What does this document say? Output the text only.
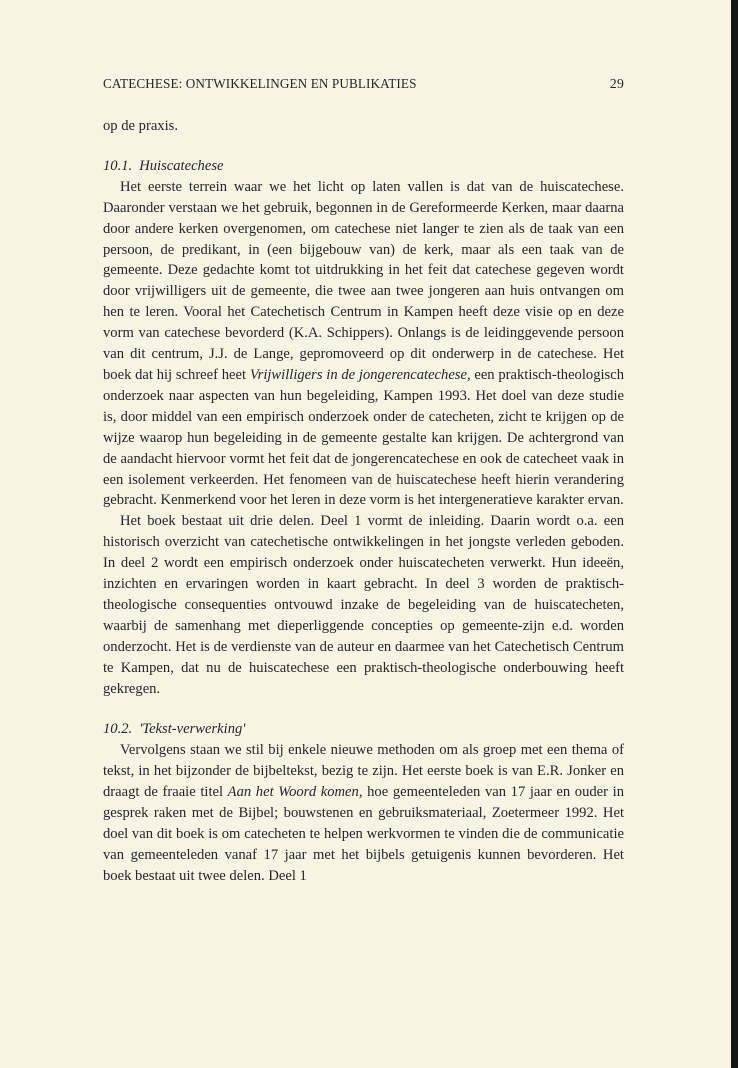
CATECHESE: ONTWIKKELINGEN EN PUBLIKATIES	29

op de praxis.

10.1. Huiscatechese

Het eerste terrein waar we het licht op laten vallen is dat van de huiscatechese. Daaronder verstaan we het gebruik, begonnen in de Gereformeerde Kerken, maar daarna door andere kerken overgenomen, om catechese niet langer te zien als de taak van een persoon, de predikant, in (een bijgebouw van) de kerk, maar als een taak van de gemeente. Deze gedachte komt tot uitdrukking in het feit dat catechese gegeven wordt door vrijwilligers uit de gemeente, die twee aan twee jongeren aan huis ontvangen om hen te leren. Vooral het Catechetisch Centrum in Kampen heeft deze visie op en deze vorm van catechese bevorderd (K.A. Schippers). Onlangs is de leidinggevende persoon van dit centrum, J.J. de Lange, gepromoveerd op dit onderwerp in de catechese. Het boek dat hij schreef heet Vrijwilligers in de jongerencatechese, een praktisch-theologisch onderzoek naar aspecten van hun begeleiding, Kampen 1993. Het doel van deze studie is, door middel van een empirisch onderzoek onder de catecheten, zicht te krijgen op de wijze waarop hun begeleiding in de gemeente gestalte kan krijgen. De achtergrond van de aandacht hiervoor vormt het feit dat de jongerencatechese en ook de catecheet vaak in een isolement verkeerden. Het fenomeen van de huiscatechese heeft hierin verandering gebracht. Kenmerkend voor het leren in deze vorm is het intergeneratieve karakter ervan.

Het boek bestaat uit drie delen. Deel 1 vormt de inleiding. Daarin wordt o.a. een historisch overzicht van catechetische ontwikkelingen in het jongste verleden geboden. In deel 2 wordt een empirisch onderzoek onder huiscatecheten verwerkt. Hun ideeën, inzichten en ervaringen worden in kaart gebracht. In deel 3 worden de praktisch-theologische consequenties ontvouwd inzake de begeleiding van de huiscatecheten, waarbij de samenhang met dieperliggende concepties op gemeente-zijn e.d. worden onderzocht. Het is de verdienste van de auteur en daarmee van het Catechetisch Centrum te Kampen, dat nu de huiscatechese een praktisch-theologische onderbouwing heeft gekregen.

10.2. 'Tekst-verwerking'

Vervolgens staan we stil bij enkele nieuwe methoden om als groep met een thema of tekst, in het bijzonder de bijbeltekst, bezig te zijn. Het eerste boek is van E.R. Jonker en draagt de fraaie titel Aan het Woord komen, hoe gemeenteleden van 17 jaar en ouder in gesprek raken met de Bijbel; bouwstenen en gebruiksmateriaal, Zoetermeer 1992. Het doel van dit boek is om catecheten te helpen werkvormen te vinden die de communicatie van gemeenteleden vanaf 17 jaar met het bijbels getuigenis kunnen bevorderen. Het boek bestaat uit twee delen. Deel 1
